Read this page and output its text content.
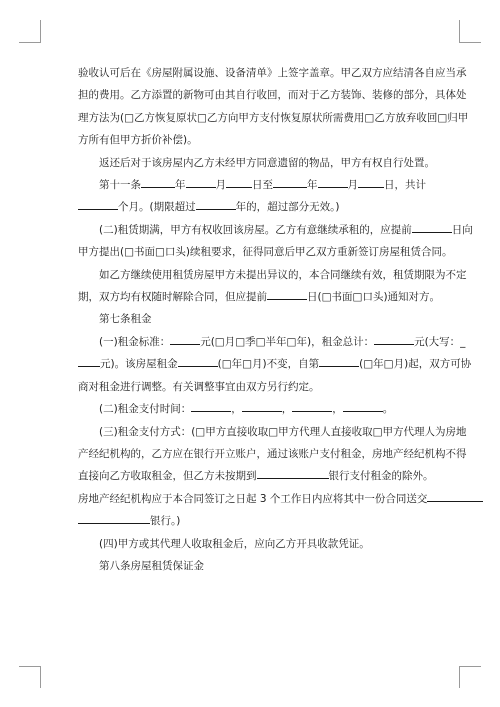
验收认可后在《房屋附属设施、设备清单》上签字盖章。甲乙双方应结清各自应当承
担的费用。乙方添置的新物可由其自行收回，而对于乙方装饰、装修的部分，具体处
理方法为(□乙方恢复原状□乙方向甲方支付恢复原状所需费用□乙方放弃收回□归甲
方所有但甲方折价补偿)。
返还后对于该房屋内乙方未经甲方同意遗留的物品，甲方有权自行处置。
第十一条	年	月 日至	年	月 日，共计
个月。(期限超过	年的，超过部分无效。)
(二)租赁期满，甲方有权收回该房屋。乙方有意继续承租的，应提前	日向
甲方提出(□书面□口头)续租要求，征得同意后甲乙双方重新签订房屋租赁合同。
如乙方继续使用租赁房屋甲方未提出异议的，本合同继续有效，租赁期限为不定
期，双方均有权随时解除合同，但应提前	日(□书面□口头)通知对方。
第七条租金
(一)租金标准：	元(□月□季□半年□年)，租金总计：	元(大写：_
元)。该房屋租金	(□年□月)不变，自第	(□年□月)起，双方可协
商对租金进行调整。有关调整事宜由双方另行约定。
(二)租金支付时间：	，	，	，	。
(三)租金支付方式：(□甲方直接收取□甲方代理人直接收取□甲方代理人为房地
产经纪机构的，乙方应在银行开立账户，通过该账户支付租金，房地产经纪机构不得
直接向乙方收取租金，但乙方未按期到	银行支付租金的除外。
房地产经纪机构应于本合同签订之日起 3 个工作日内应将其中一份合同送交
银行。)
(四)甲方或其代理人收取租金后，应向乙方开具收款凭证。
第八条房屋租赁保证金
